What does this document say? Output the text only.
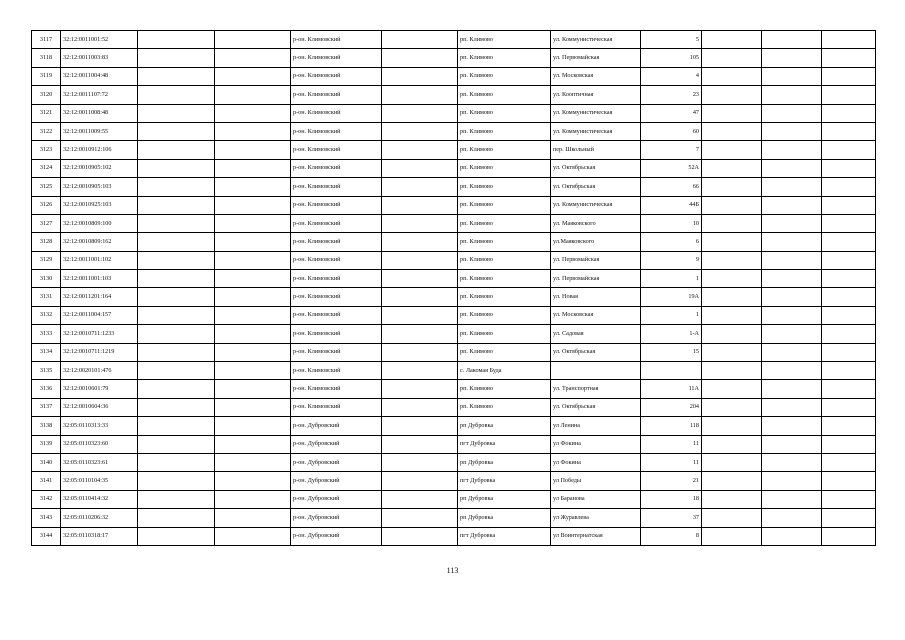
3117	32:12:0011001:52			р-он. Климовский		рп. Климово	ул. Коммунистическая	5			
3118	32:12:0011003:83			р-он. Климовский		рп. Климово	ул. Первомайская	105			
3119	32:12:0011004:48			р-он. Климовский		рп. Климово	ул. Московская	4			
3120	32:12:0011107:72			р-он. Климовский		рп. Климово	ул. Кооптичная	23			
3121	32:12:0011008:48			р-он. Климовский		рп. Климово	ул. Коммунистическая	47			
3122	32:12:0011009:55			р-он. Климовский		рп. Климово	ул. Коммунистическая	60			
3123	32:12:0010912:106			р-он. Климовский		рп. Климово	пер. Школьный	7			
3124	32:12:0010905:102			р-он. Климовский		рп. Климово	ул. Октябрьская	52А			
3125	32:12:0010905:103			р-он. Климовский		рп. Климово	ул. Октябрьская	66			
3126	32:12:0010925:103			р-он. Климовский		рп. Климово	ул. Коммунистическая	44Б			
3127	32:12:0010809:100			р-он. Климовский		рп. Климово	ул. Маяковского	10			
3128	32:12:0010809:162			р-он. Климовский		рп. Климово	ул.Маяковского	6			
3129	32:12:0011001:102			р-он. Климовский		рп. Климово	ул. Первомайская	9			
3130	32:12:0011001:103			р-он. Климовский		рп. Климово	ул. Первомайская	1			
3131	32:12:0011201:164			р-он. Климовский		рп. Климово	ул. Новая	19А			
3132	32:12:0011004:157			р-он. Климовский		рп. Климово	ул. Московская	1			
3133	32:12:0010711:1233			р-он. Климовский		рп. Климово	ул. Садовая	1-А			
3134	32:12:0010711:1219			р-он. Климовский		рп. Климово	ул. Октябрьская	15			
3135	32:12:0020101:476			р-он. Климовский		с. Лакомая Буда					
3136	32:12:0010601:79			р-он. Климовский		рп. Климово	ул. Транспортная	11А			
3137	32:12:0010604:36			р-он. Климовский		рп. Климово	ул. Октябрьская	204			
3138	32:05:0110313:33			р-он. Дубровский		рп Дубровка	ул Ленина	118			
3139	32:05:0110323:60			р-он. Дубровский		пгт Дубровка	ул Фокина	11			
3140	32:05:0110323:61			р-он. Дубровский		рп Дубровка	ул Фокина	11			
3141	32:05:0110104:35			р-он. Дубровский		пгт Дубровка	ул Победы	21			
3142	32:05:0110414:32			р-он. Дубровский		рп Дубровка	ул Баранова	18			
3143	32:05:0110206:32			р-он. Дубровский		рп Дубровка	ул Журавлева	37			
3144	32:05:0110318:17			р-он. Дубровский		пгт Дубровка	ул Воинтернатская	8			
113
